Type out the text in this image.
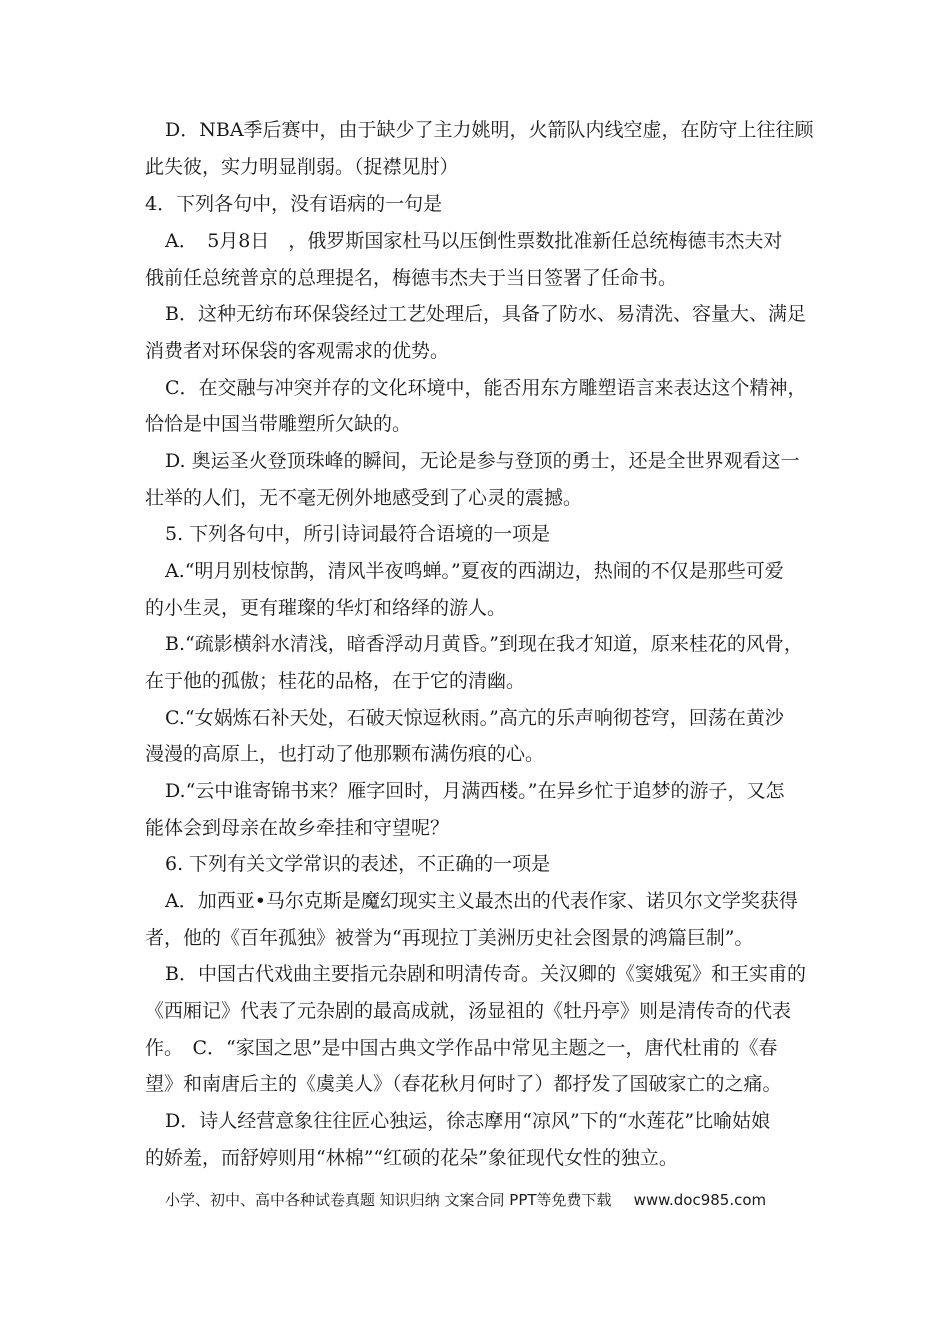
D．NBA季后赛中，由于缺少了主力姚明，火箭队内线空虚，在防守上往往顾
此失彼，实力明显削弱。（捉襟见肘）
4．下列各句中，没有语病的一句是
A．　5月8日　，俄罗斯国家杜马以压倒性票数批准新任总统梅德韦杰夫对
俄前任总统普京的总理提名，梅德韦杰夫于当日签署了任命书。
B．这种无纺布环保袋经过工艺处理后，具备了防水、易清洗、容量大、满足
消费者对环保袋的客观需求的优势。
C．在交融与冲突并存的文化环境中，能否用东方雕塑语言来表达这个精神，
恰恰是中国当带雕塑所欠缺的。
D. 奥运圣火登顶珠峰的瞬间，无论是参与登顶的勇士，还是全世界观看这一
壮举的人们，无不毫无例外地感受到了心灵的震撼。
5. 下列各句中，所引诗词最符合语境的一项是
A.“明月别枝惊鹊，清风半夜鸣蝉。”夏夜的西湖边，热闹的不仅是那些可爱
的小生灵，更有璀璨的华灯和络绎的游人。
B.“疏影横斜水清浅，暗香浮动月黄昏。”到现在我才知道，原来桂花的风骨，
在于他的孤傲；桂花的品格，在于它的清幽。
C.“女娲炼石补天处，石破天惊逗秋雨。”高亢的乐声响彻苍穹，回荡在黄沙
漫漫的高原上，也打动了他那颗布满伤痕的心。
D.“云中谁寄锦书来？雁字回时，月满西楼。”在异乡忙于追梦的游子，又怎
能体会到母亲在故乡牵挂和守望呢？
6. 下列有关文学常识的表述，不正确的一项是
A．加西亚•马尔克斯是魔幻现实主义最杰出的代表作家、诺贝尔文学奖获得
者，他的《百年孤独》被誉为“再现拉丁美洲历史社会图景的鸿篇巨制”。
B．中国古代戏曲主要指元杂剧和明清传奇。关汉卿的《窦娥冤》和王实甫的
《西厢记》代表了元杂剧的最高成就，汤显祖的《牡丹亭》则是清传奇的代表
作。　C．“家国之思”是中国古典文学作品中常见主题之一，唐代杜甫的《春
望》和南唐后主的《虞美人》（春花秋月何时了）都抒发了国破家亡的之痛。
D．诗人经营意象往往匠心独运，徐志摩用“凉风”下的“水莲花”比喻姑娘
的娇羞，而舒婷则用“林棉”“红硕的花朵”象征现代女性的独立。
小学、初中、高中各种试卷真题 知识归纳 文案合同 PPT等免费下载 www.doc985.com
